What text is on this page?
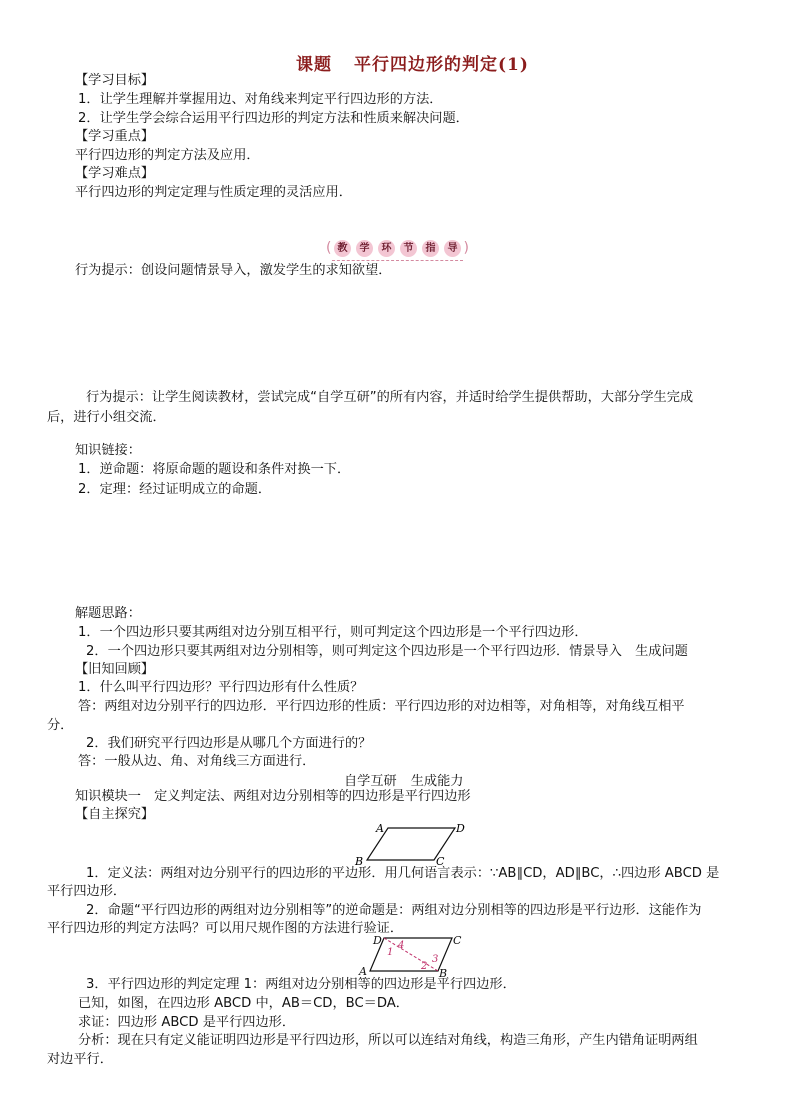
课题 平行四边形的判定(1)
【学习目标】
1．让学生理解并掌握用边、对角线来判定平行四边形的方法．
2．让学生学会综合运用平行四边形的判定方法和性质来解决问题．
【学习重点】
平行四边形的判定方法及应用．
【学习难点】
平行四边形的判定定理与性质定理的灵活应用．
( 教	学	环	节	指	导 )
行为提示：创设问题情景导入，激发学生的求知欲望．
行为提示：让学生阅读教材，尝试完成“自学互研”的所有内容，并适时给学生提供帮助，大部分学生完成
后，进行小组交流．
知识链接：
1．逆命题：将原命题的题设和条件对换一下．
2．定理：经过证明成立的命题．
解题思路：
1．一个四边形只要其两组对边分别互相平行，则可判定这个四边形是一个平行四边形．
2．一个四边形只要其两组对边分别相等，则可判定这个四边形是一个平行四边形．情景导入　生成问题
【旧知回顾】
1．什么叫平行四边形？平行四边形有什么性质？
答：两组对边分别平行的四边形．平行四边形的性质：平行四边形的对边相等，对角相等，对角线互相平
分．
2．我们研究平行四边形是从哪几个方面进行的？
答：一般从边、角、对角线三方面进行．
自学互研 生成能力
知识模块一　定义判定法、两组对边分别相等的四边形是平行四边形
【自主探究】
A	D
B	C
1．定义法：两组对边分别平行的四边形的平边形．用几何语言表示：∵AB∥CD，AD∥BC，∴四边形 ABCD 是
平行四边形．
2．命题“平行四边形的两组对边分别相等”的逆命题是：两组对边分别相等的四边形是平行边形．这能作为
平行四边形的判定方法吗？可以用尺规作图的方法进行验证．
D	C
A	B
1
4
2
3
3．平行四边形的判定定理 1：两组对边分别相等的四边形是平行四边形．
已知，如图，在四边形 ABCD 中，AB＝CD，BC＝DA．
求证：四边形 ABCD 是平行四边形．
分析：现在只有定义能证明四边形是平行四边形，所以可以连结对角线，构造三角形，产生内错角证明两组
对边平行．
